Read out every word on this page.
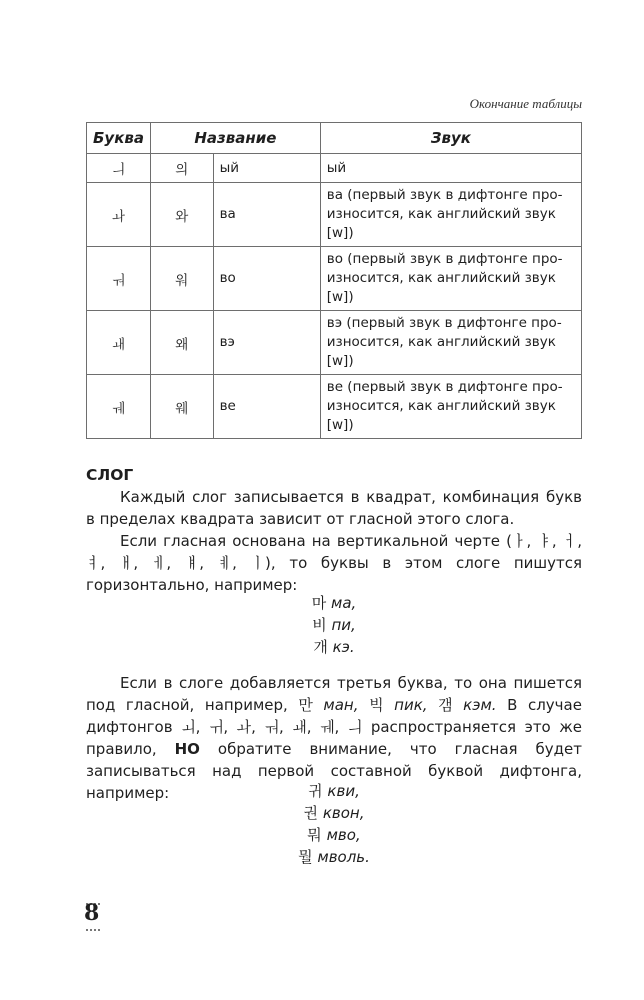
Окончание таблицы
Буква	Название		Звук
ㅢ	의	ый	ый
ㅘ	와	ва	ва (первый звук в дифтонге про-износится, как английский звук [w])
ㅝ	워	во	во (первый звук в дифтонге про-износится, как английский звук [w])
ㅙ	왜	вэ	вэ (первый звук в дифтонге про-износится, как английский звук [w])
ㅞ	웨	ве	ве (первый звук в дифтонге про-износится, как английский звук [w])
СЛОГ
Каждый слог записывается в квадрат, комбинация букв в пределах квадрата зависит от гласной этого слога.
Если гласная основана на вертикальной черте (ㅏ, ㅑ, ㅓ, ㅕ, ㅐ, ㅔ, ㅒ, ㅖ, ㅣ), то буквы в этом слоге пишутся горизонтально, например:
마 ма,
비 пи,
개 кэ.
Если в слоге добавляется третья буква, то она пишется под гласной, например, 만 ман, 빅 пик, 갬 кэм. В случае дифтонгов ㅚ, ㅟ, ㅘ, ㅝ, ㅙ, ㅞ, ㅢ распространяется это же правило, НО обратите внимание, что гласная будет записываться над первой составной буквой дифтонга, например:	귀 кви,
권 квон,
뭐 мво,
뭘 мволь.
8
